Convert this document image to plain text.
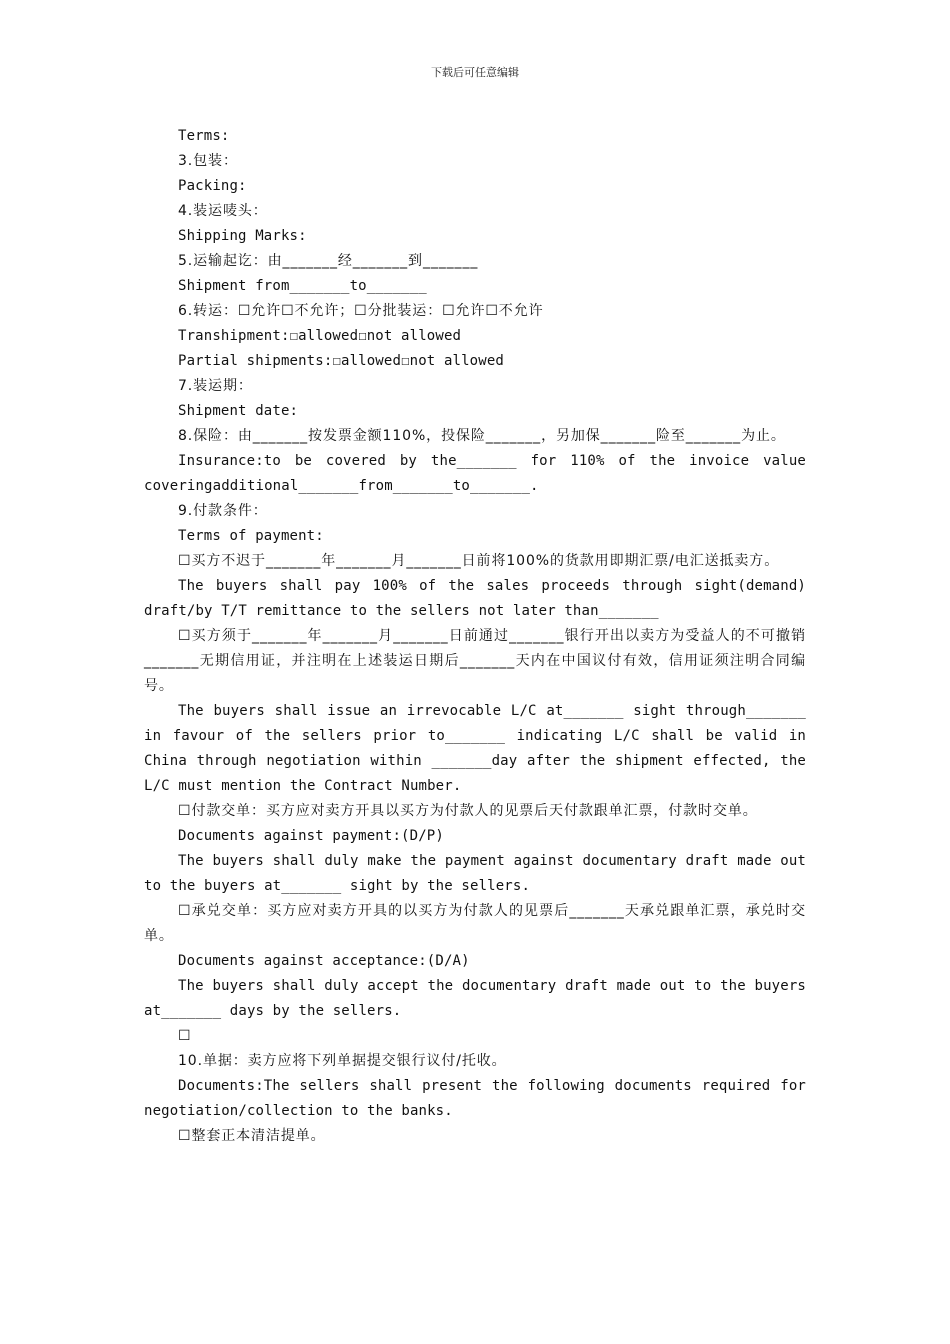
下载后可任意编辑

Terms:

3.包装：

Packing:

4.装运唛头：

Shipping Marks:

5.运输起讫：由_______经_______到_______

Shipment from_______to_______

6.转运：☐允许☐不允许；☐分批装运：☐允许☐不允许

Transhipment:☐allowed☐not allowed

Partial shipments:☐allowed☐not allowed

7.装运期：

Shipment date:

8.保险：由_______按发票金额110%，投保险_______，另加保_______险至_______为止。

Insurance:to be covered by the_______ for 110% of the invoice value coveringadditional_______from_______to_______.

9.付款条件：

Terms of payment:

☐买方不迟于_______年_______月_______日前将100%的货款用即期汇票/电汇送抵卖方。

The buyers shall pay 100% of the sales proceeds through sight(demand) draft/by T/T remittance to the sellers not later than_______

☐买方须于_______年_______月_______日前通过_______银行开出以卖方为受益人的不可撤销_______无期信用证，并注明在上述装运日期后_______天内在中国议付有效，信用证须注明合同编号。

The buyers shall issue an irrevocable L/C at_______ sight through_______ in favour of the sellers prior to_______ indicating L/C shall be valid in China through negotiation within _______day after the shipment effected, the L/C must mention the Contract Number.

☐付款交单：买方应对卖方开具以买方为付款人的见票后天付款跟单汇票，付款时交单。

Documents against payment:(D/P)

The buyers shall duly make the payment against documentary draft made out to the buyers at_______ sight by the sellers.

☐承兑交单：买方应对卖方开具的以买方为付款人的见票后_______天承兑跟单汇票，承兑时交单。

Documents against acceptance:(D/A)

The buyers shall duly accept the documentary draft made out to the buyers at_______ days by the sellers.

☐

10.单据：卖方应将下列单据提交银行议付/托收。

Documents:The sellers shall present the following documents required for negotiation/collection to the banks.

☐整套正本清洁提单。
